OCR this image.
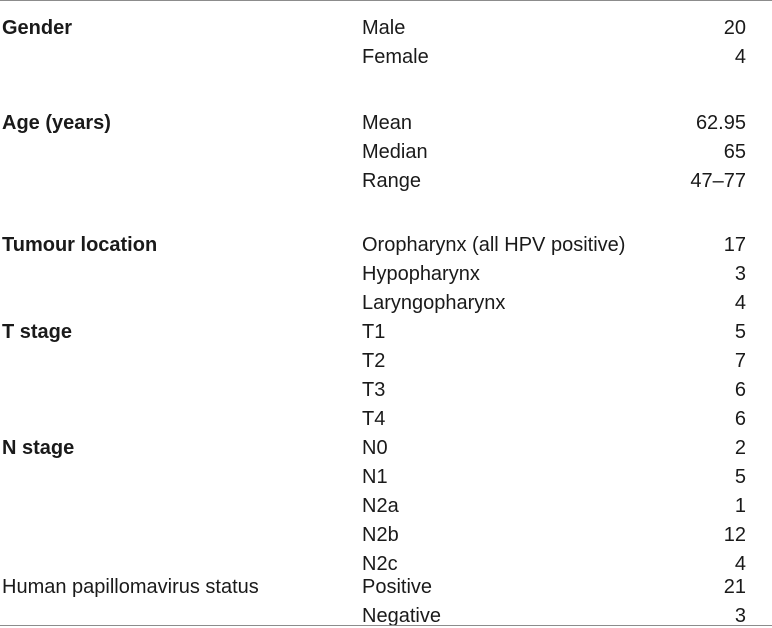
Gender	Male	20
Female	4
Age (years)	Mean	62.95
Median	65
Range	47–77
Tumour location	Oropharynx (all HPV positive)	17
Hypopharynx	3
Laryngopharynx	4
T stage	T1	5
T2	7
T3	6
T4	6
N stage	N0	2
N1	5
N2a	1
N2b	12
N2c	4
Human papillomavirus status	Positive	21
Negative	3
